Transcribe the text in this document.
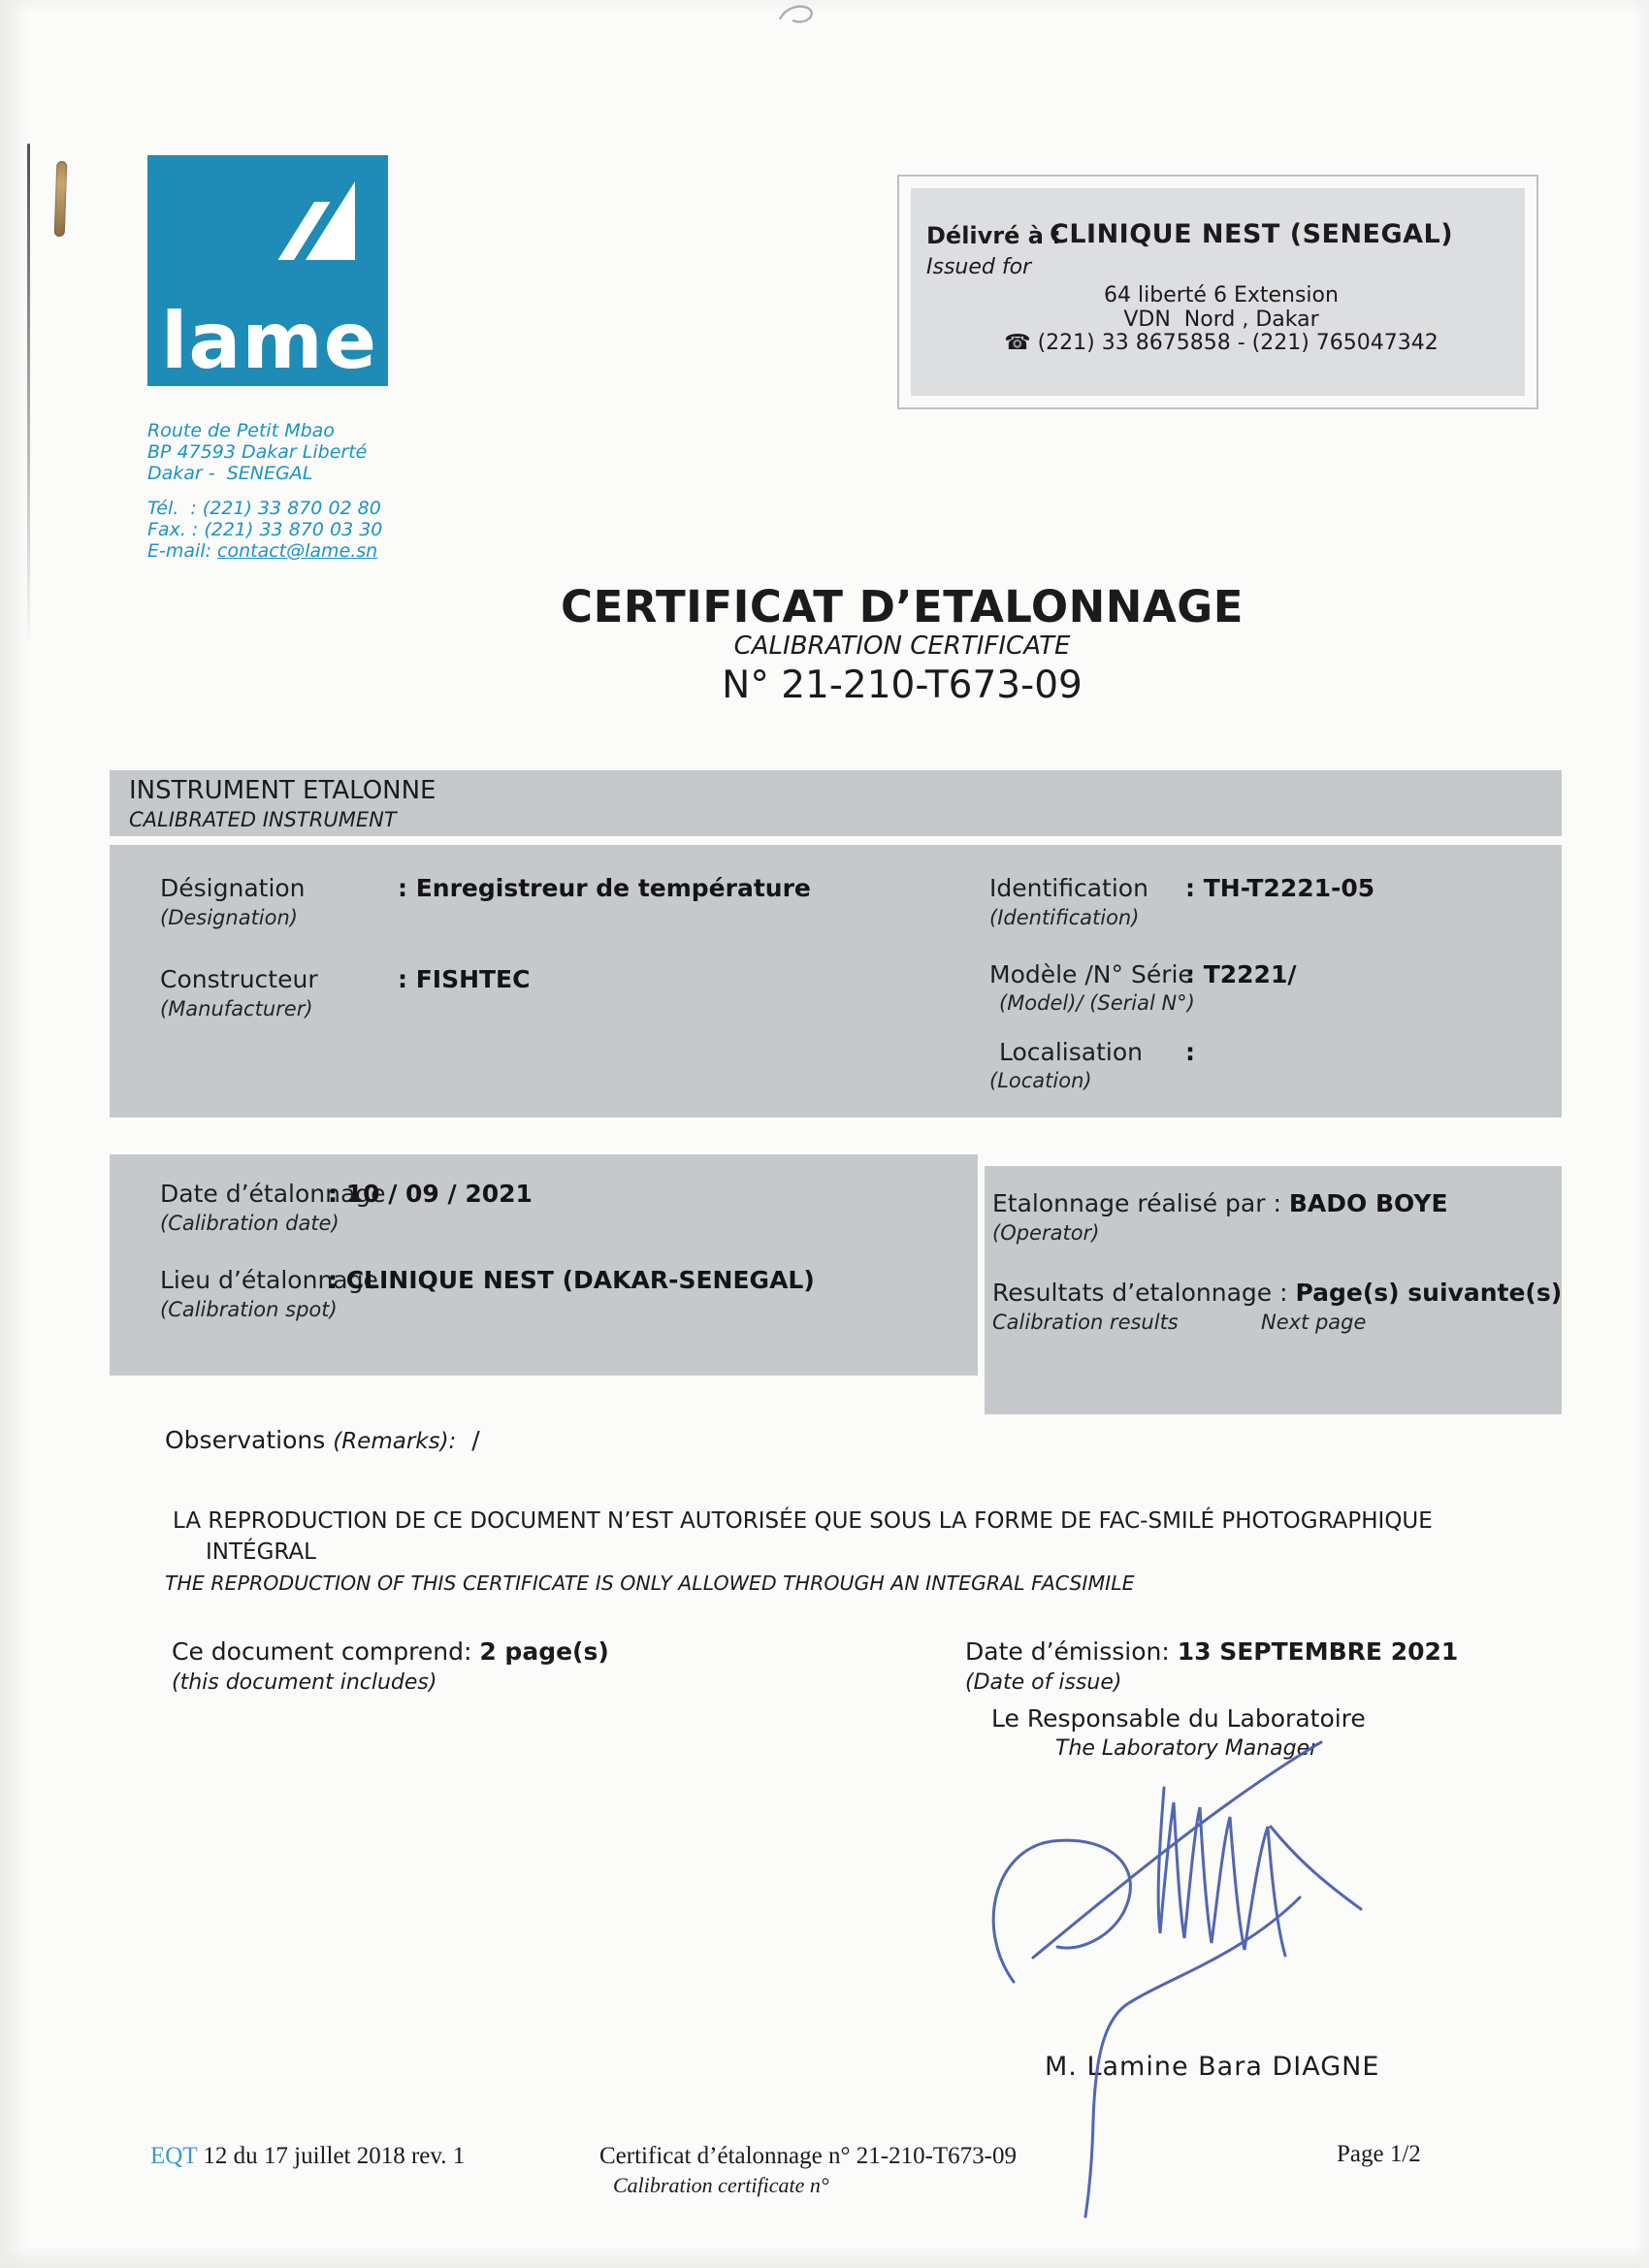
lame
Route de Petit Mbao
BP 47593 Dakar Liberté
Dakar -  SENEGAL
Tél.  : (221) 33 870 02 80
Fax. : (221) 33 870 03 30
E-mail: contact@lame.sn
Délivré à :
CLINIQUE NEST (SENEGAL)
Issued for
64 liberté 6 Extension
VDN  Nord , Dakar
☎ (221) 33 8675858 - (221) 765047342
CERTIFICAT D’ETALONNAGE
CALIBRATION CERTIFICATE
N° 21-210-T673-09
INSTRUMENT ETALONNE
CALIBRATED INSTRUMENT
Désignation
(Designation)
: Enregistreur de température
Constructeur
(Manufacturer)
: FISHTEC
Identification
(Identification)
: TH-T2221-05
Modèle /N° Série
(Model)/ (Serial N°)
: T2221/
Localisation
(Location)
:
Date d’étalonnage
: 10 / 09 / 2021
(Calibration date)
Lieu d’étalonnage
: CLINIQUE NEST (DAKAR-SENEGAL)
(Calibration spot)
Etalonnage réalisé par : BADO BOYE
(Operator)
Resultats d’etalonnage : Page(s) suivante(s)
Calibration results	Next page
Observations (Remarks):  /
LA REPRODUCTION DE CE DOCUMENT N’EST AUTORISÉE QUE SOUS LA FORME DE FAC-SMILÉ PHOTOGRAPHIQUE
INTÉGRAL
THE REPRODUCTION OF THIS CERTIFICATE IS ONLY ALLOWED THROUGH AN INTEGRAL FACSIMILE
Ce document comprend: 2 page(s)
(this document includes)
Date d’émission: 13 SEPTEMBRE 2021
(Date of issue)
Le Responsable du Laboratoire
The Laboratory Manager
M. Lamine Bara DIAGNE
EQT 12 du 17 juillet 2018 rev. 1	Certificat d’étalonnage n° 21-210-T673-09
Calibration certificate n°
Page 1/2
